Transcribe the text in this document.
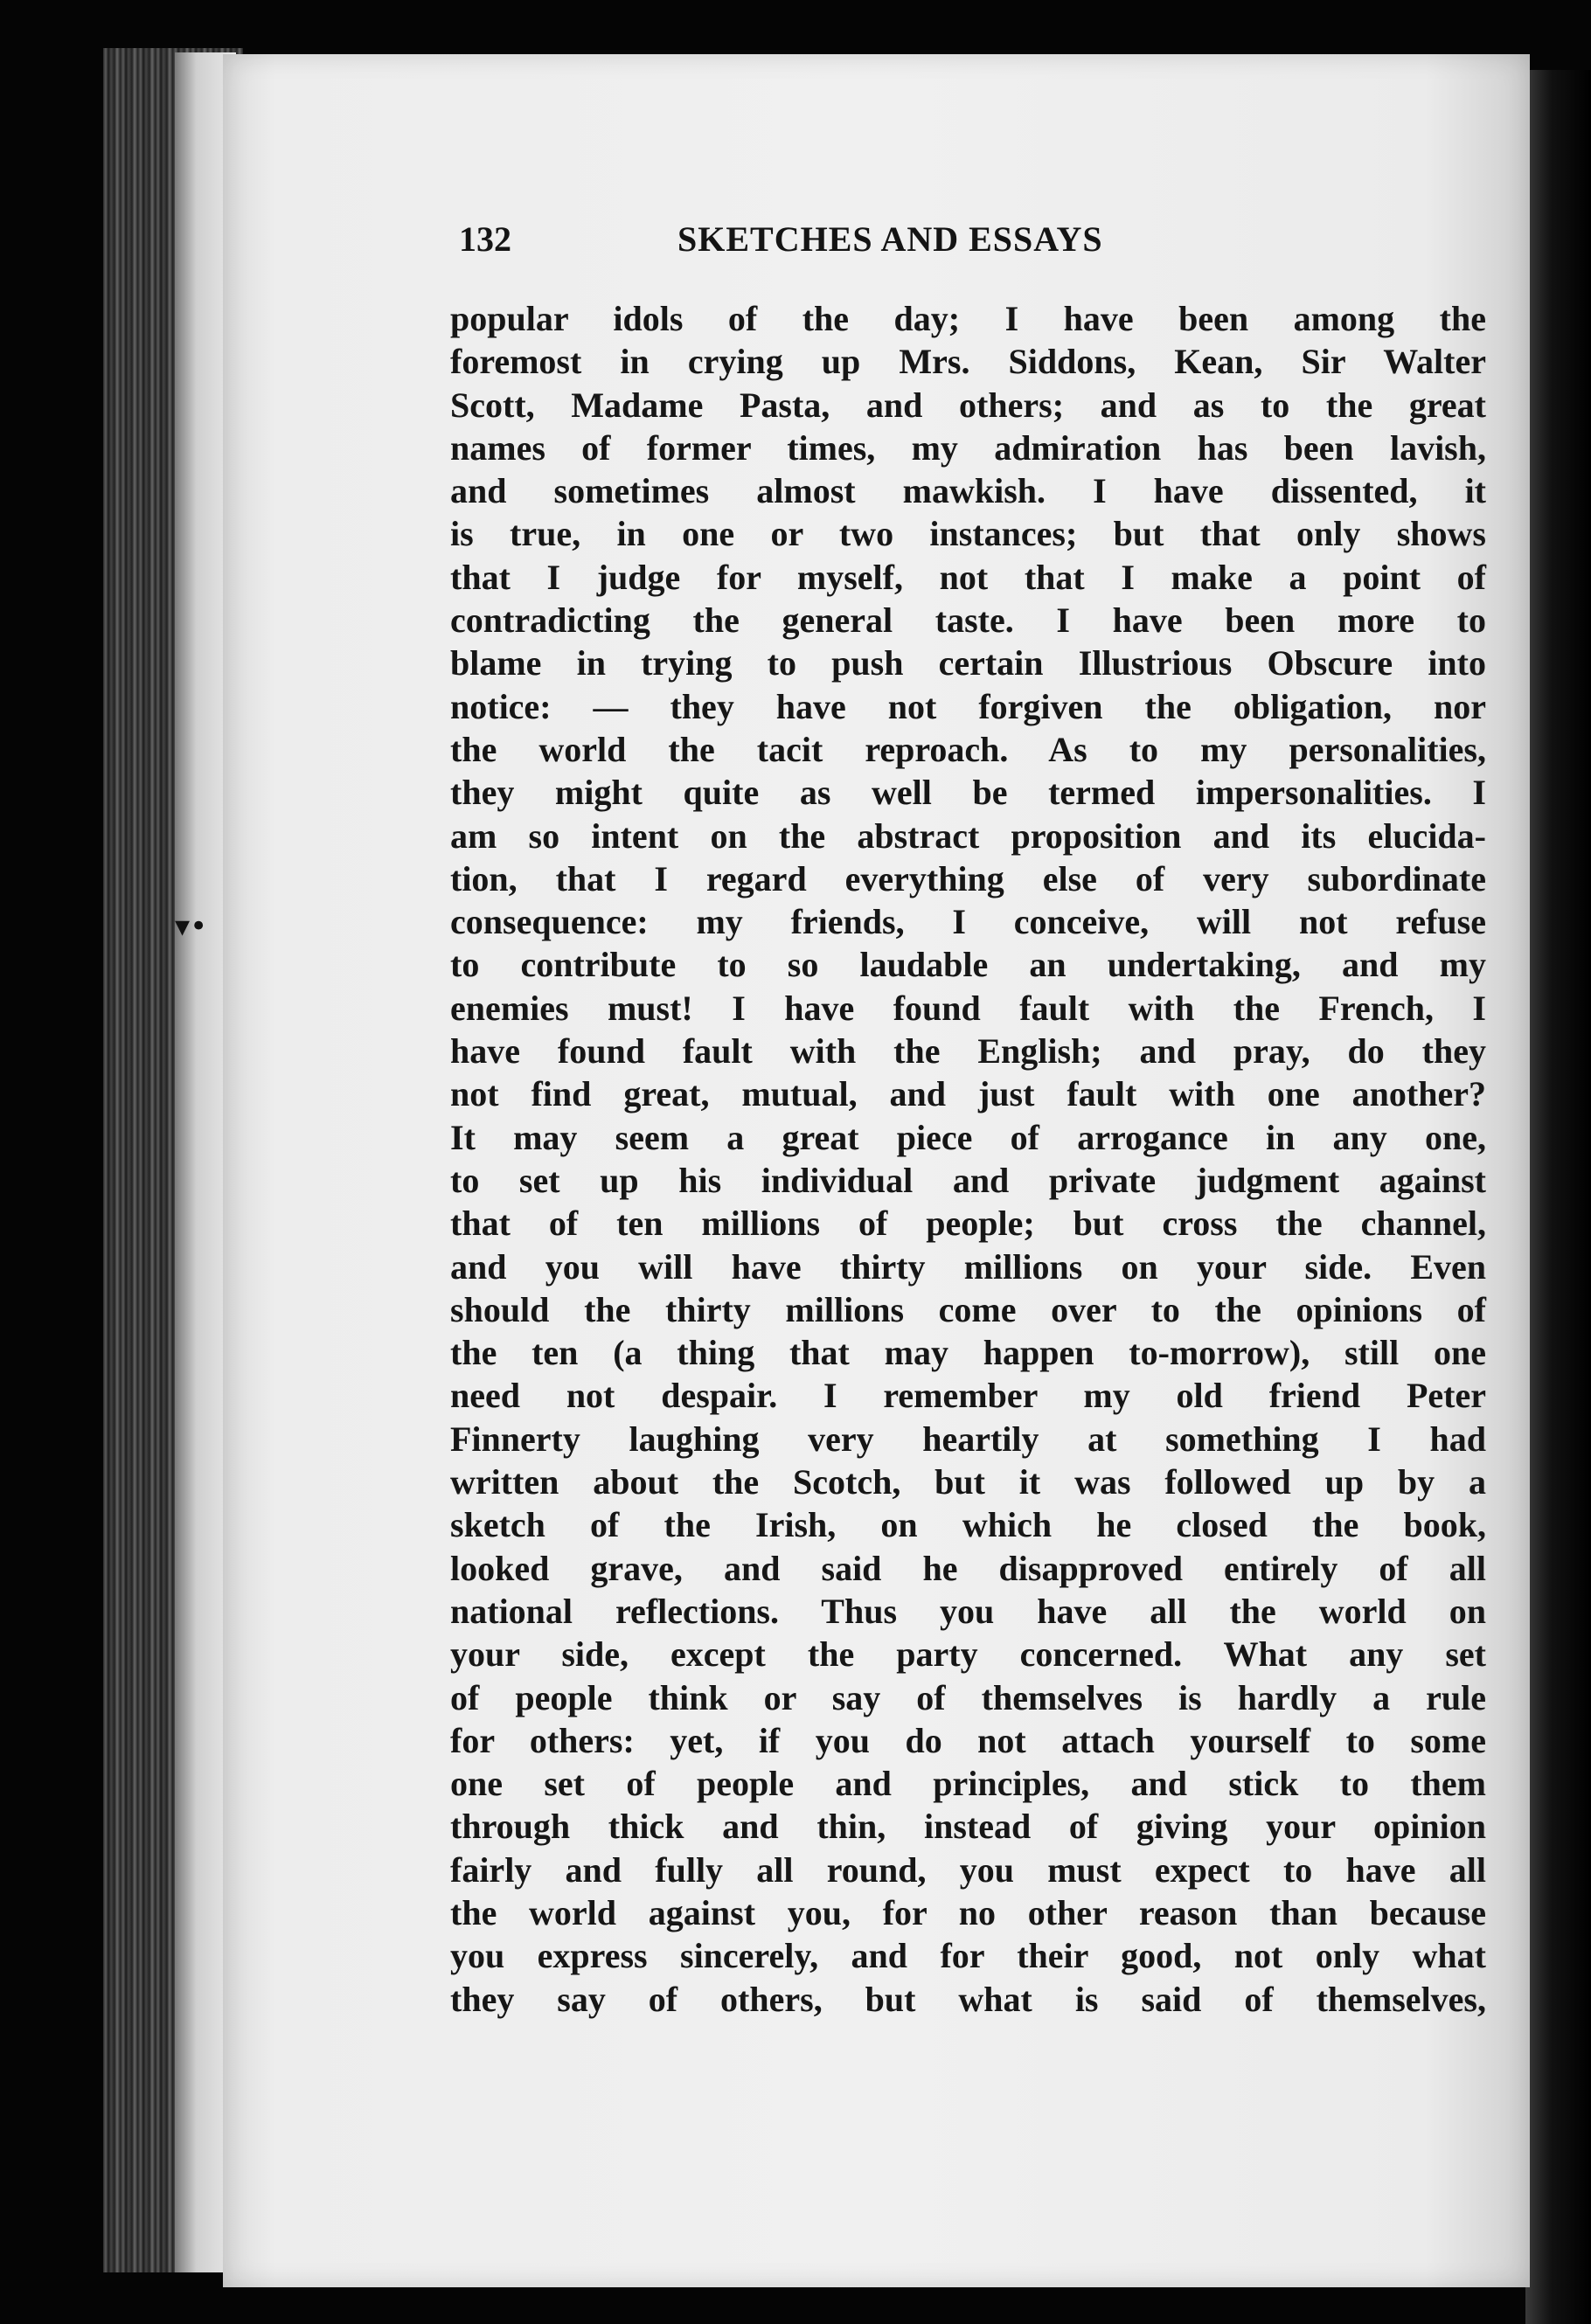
▾•
132	SKETCHES AND ESSAYS
popular idols of the day; I have been among the
foremost in crying up Mrs. Siddons, Kean, Sir Walter
Scott, Madame Pasta, and others; and as to the great
names of former times, my admiration has been lavish,
and sometimes almost mawkish. I have dissented, it
is true, in one or two instances; but that only shows
that I judge for myself, not that I make a point of
contradicting the general taste. I have been more to
blame in trying to push certain Illustrious Obscure into
notice: — they have not forgiven the obligation, nor
the world the tacit reproach. As to my personalities,
they might quite as well be termed impersonalities. I
am so intent on the abstract proposition and its elucida-
tion, that I regard everything else of very subordinate
consequence: my friends, I conceive, will not refuse
to contribute to so laudable an undertaking, and my
enemies must! I have found fault with the French, I
have found fault with the English; and pray, do they
not find great, mutual, and just fault with one another?
It may seem a great piece of arrogance in any one,
to set up his individual and private judgment against
that of ten millions of people; but cross the channel,
and you will have thirty millions on your side. Even
should the thirty millions come over to the opinions of
the ten (a thing that may happen to-morrow), still one
need not despair. I remember my old friend Peter
Finnerty laughing very heartily at something I had
written about the Scotch, but it was followed up by a
sketch of the Irish, on which he closed the book,
looked grave, and said he disapproved entirely of all
national reflections. Thus you have all the world on
your side, except the party concerned. What any set
of people think or say of themselves is hardly a rule
for others: yet, if you do not attach yourself to some
one set of people and principles, and stick to them
through thick and thin, instead of giving your opinion
fairly and fully all round, you must expect to have all
the world against you, for no other reason than because
you express sincerely, and for their good, not only what
they say of others, but what is said of themselves,
